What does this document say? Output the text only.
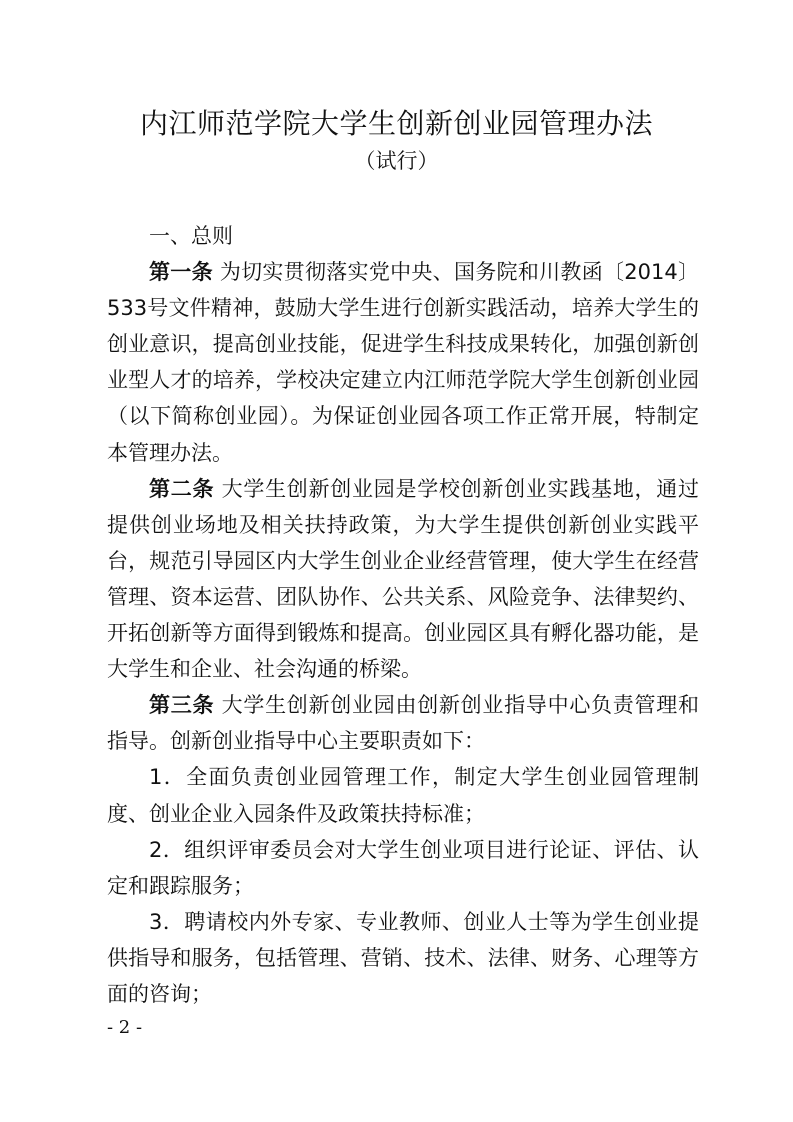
内江师范学院大学生创新创业园管理办法
（试行）

一、总则

第一条 为切实贯彻落实党中央、国务院和川教函〔2014〕533号文件精神，鼓励大学生进行创新实践活动，培养大学生的创业意识，提高创业技能，促进学生科技成果转化，加强创新创业型人才的培养，学校决定建立内江师范学院大学生创新创业园（以下简称创业园）。为保证创业园各项工作正常开展，特制定本管理办法。

第二条 大学生创新创业园是学校创新创业实践基地，通过提供创业场地及相关扶持政策，为大学生提供创新创业实践平台，规范引导园区内大学生创业企业经营管理，使大学生在经营管理、资本运营、团队协作、公共关系、风险竞争、法律契约、开拓创新等方面得到锻炼和提高。创业园区具有孵化器功能，是大学生和企业、社会沟通的桥梁。

第三条 大学生创新创业园由创新创业指导中心负责管理和指导。创新创业指导中心主要职责如下：

1．全面负责创业园管理工作，制定大学生创业园管理制度、创业企业入园条件及政策扶持标准；

2．组织评审委员会对大学生创业项目进行论证、评估、认定和跟踪服务；

3．聘请校内外专家、专业教师、创业人士等为学生创业提供指导和服务，包括管理、营销、技术、法律、财务、心理等方面的咨询；

- 2 -
